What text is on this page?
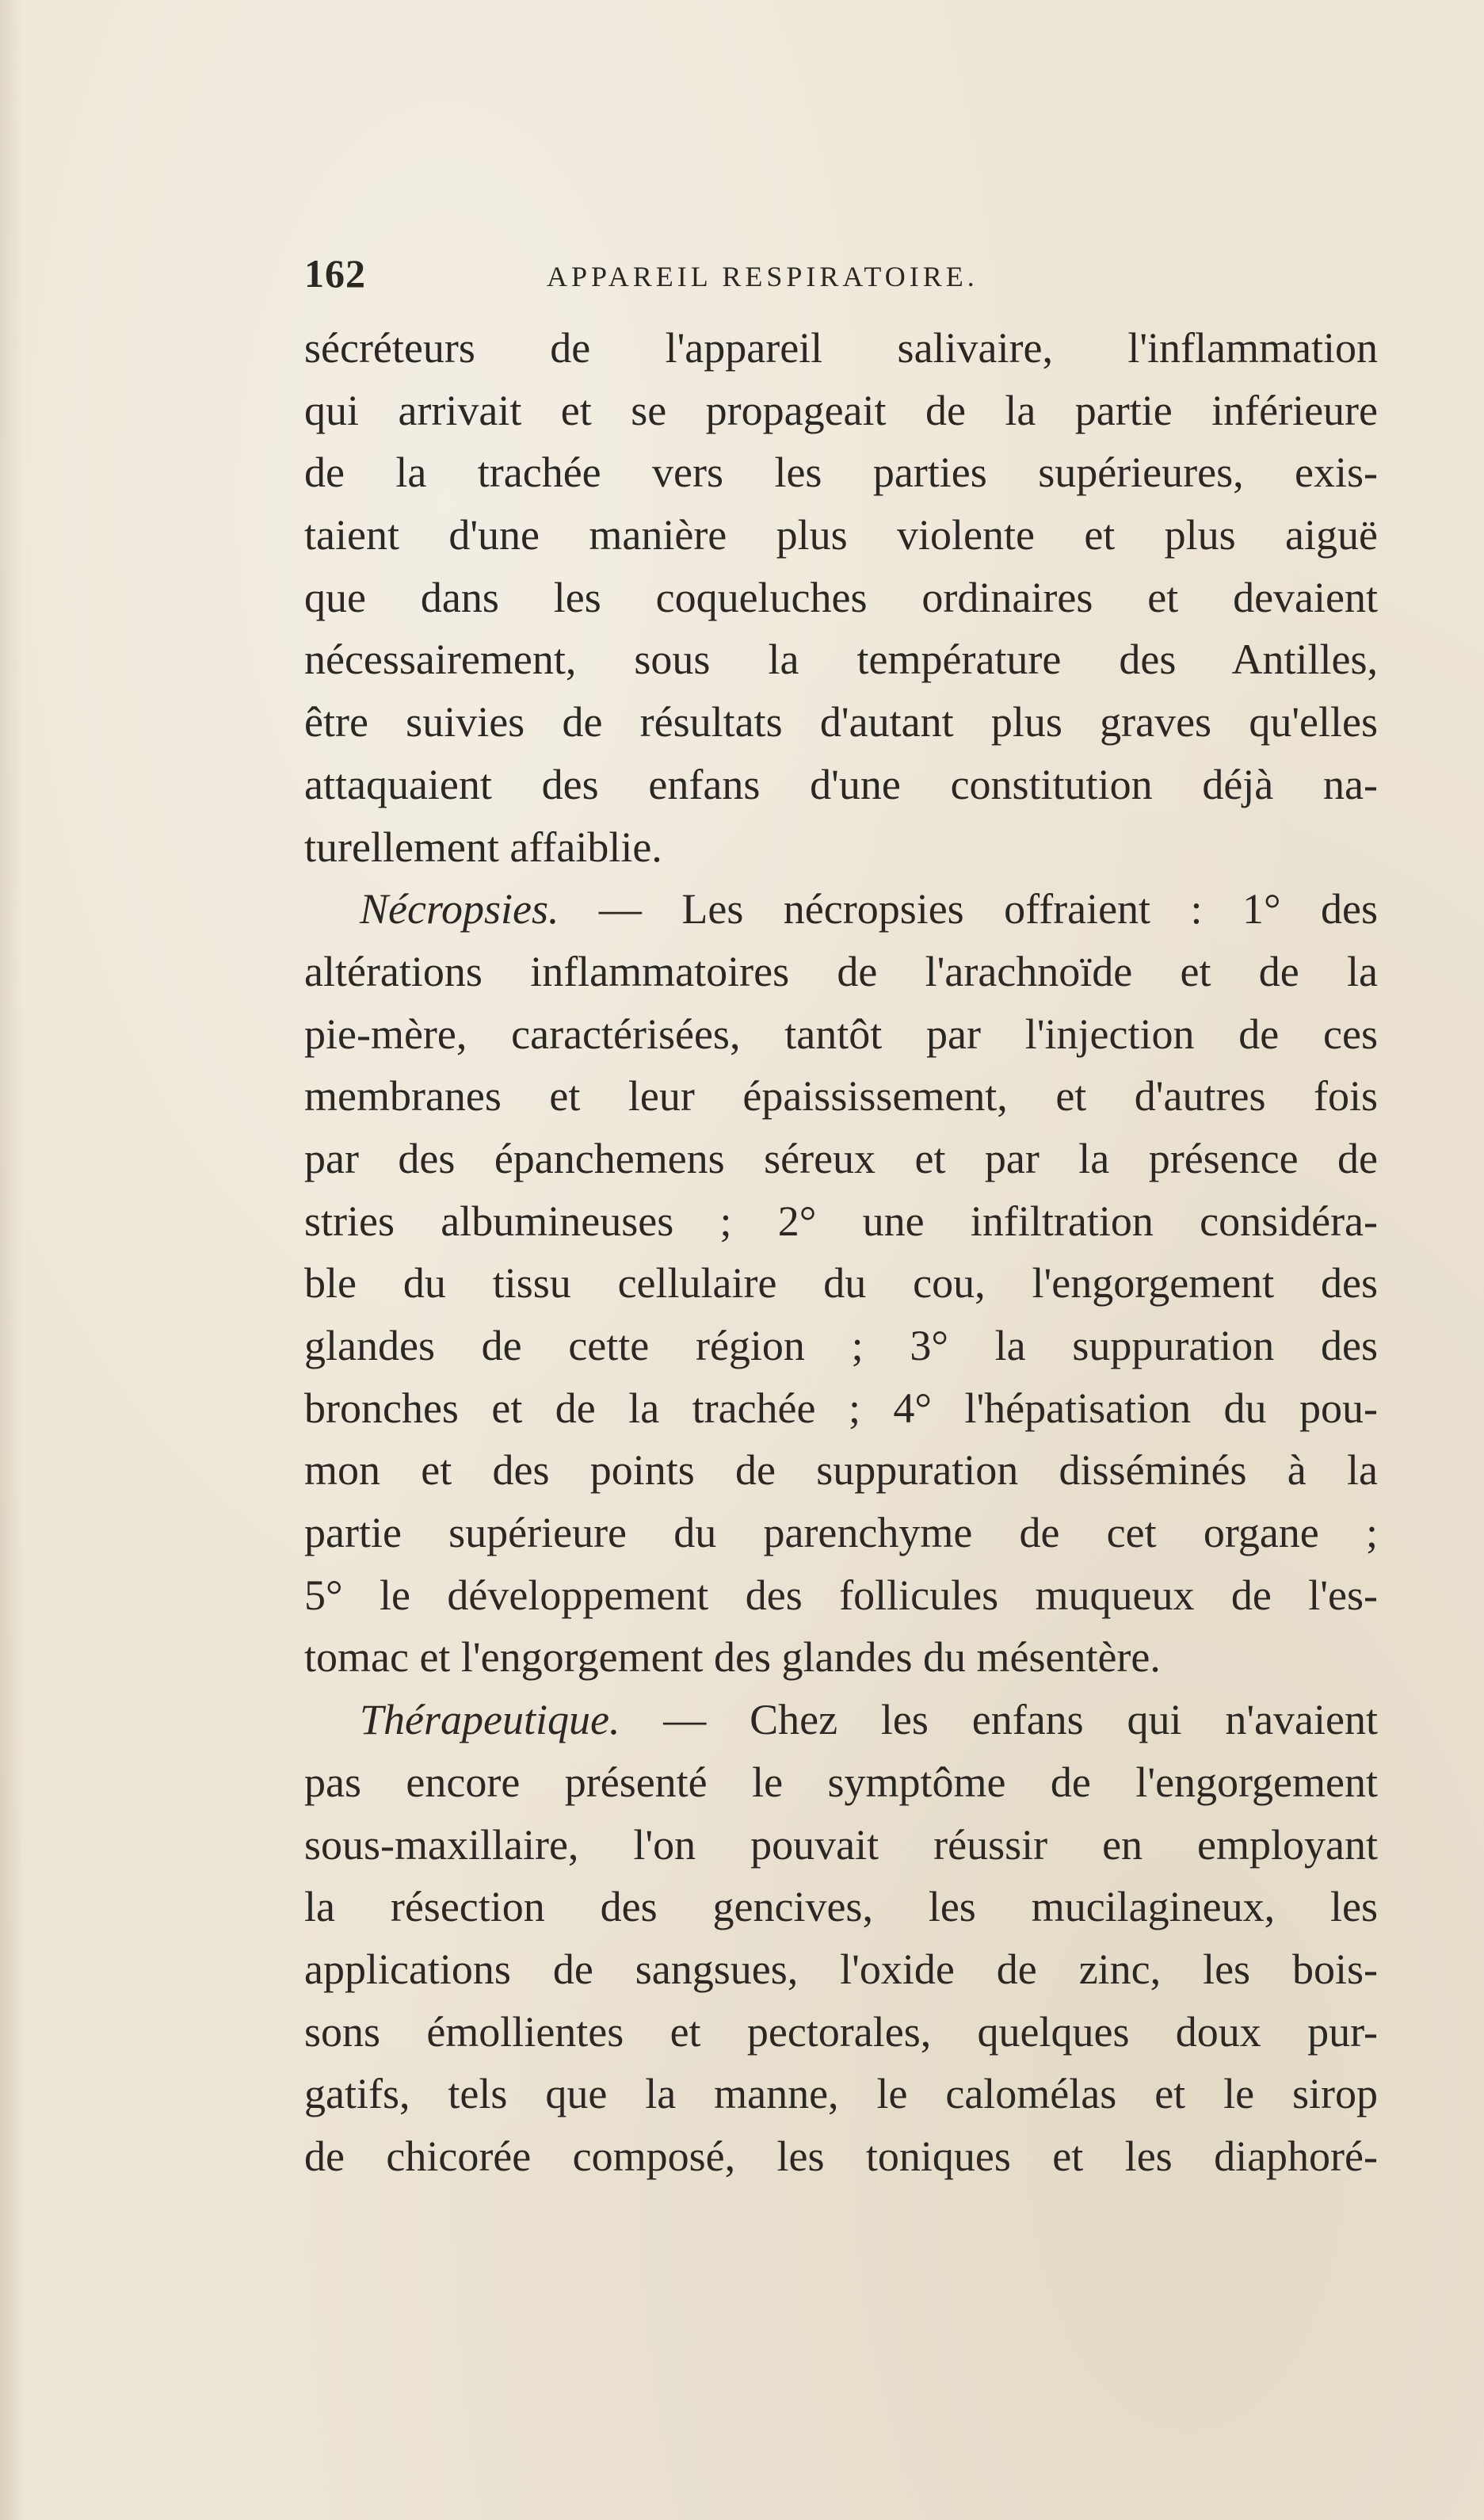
162	APPAREIL RESPIRATOIRE.
sécréteurs de l'appareil salivaire, l'inflammation
qui arrivait et se propageait de la partie inférieure
de la trachée vers les parties supérieures, exis-
taient d'une manière plus violente et plus aiguë
que dans les coqueluches ordinaires et devaient
nécessairement, sous la température des Antilles,
être suivies de résultats d'autant plus graves qu'elles
attaquaient des enfans d'une constitution déjà na-
turellement affaiblie.
Nécropsies. — Les nécropsies offraient : 1° des
altérations inflammatoires de l'arachnoïde et de la
pie-mère, caractérisées, tantôt par l'injection de ces
membranes et leur épaississement, et d'autres fois
par des épanchemens séreux et par la présence de
stries albumineuses ; 2° une infiltration considéra-
ble du tissu cellulaire du cou, l'engorgement des
glandes de cette région ; 3° la suppuration des
bronches et de la trachée ; 4° l'hépatisation du pou-
mon et des points de suppuration disséminés à la
partie supérieure du parenchyme de cet organe ;
5° le développement des follicules muqueux de l'es-
tomac et l'engorgement des glandes du mésentère.
Thérapeutique. — Chez les enfans qui n'avaient
pas encore présenté le symptôme de l'engorgement
sous-maxillaire, l'on pouvait réussir en employant
la résection des gencives, les mucilagineux, les
applications de sangsues, l'oxide de zinc, les bois-
sons émollientes et pectorales, quelques doux pur-
gatifs, tels que la manne, le calomélas et le sirop
de chicorée composé, les toniques et les diaphoré-
